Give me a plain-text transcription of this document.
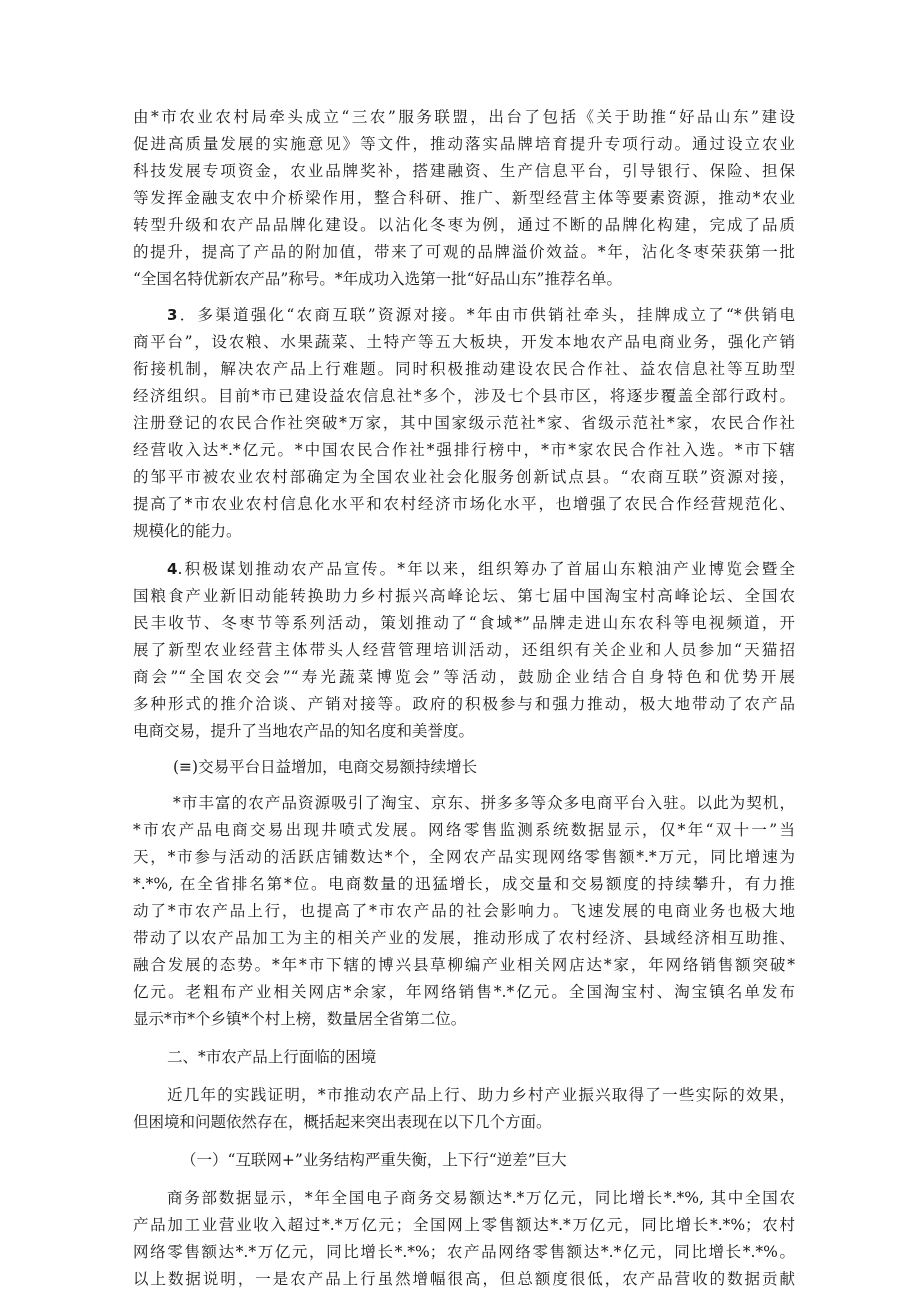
由*市农业农村局牵头成立“三农”服务联盟，出台了包括《关于助推“好品山东”建设
促进高质量发展的实施意见》等文件，推动落实品牌培育提升专项行动。通过设立农业
科技发展专项资金，农业品牌奖补，搭建融资、生产信息平台，引导银行、保险、担保
等发挥金融支农中介桥梁作用，整合科研、推广、新型经营主体等要素资源，推动*农业
转型升级和农产品品牌化建设。以沾化冬枣为例，通过不断的品牌化构建，完成了品质
的提升，提高了产品的附加值，带来了可观的品牌溢价效益。*年，沾化冬枣荣获第一批
“全国名特优新农产品”称号。*年成功入选第一批“好品山东”推荐名单。
3．多渠道强化“农商互联”资源对接。*年由市供销社牵头，挂牌成立了“*供销电
商平台”，设农粮、水果蔬菜、土特产等五大板块，开发本地农产品电商业务，强化产销
衔接机制，解决农产品上行难题。同时积极推动建设农民合作社、益农信息社等互助型
经济组织。目前*市已建设益农信息社*多个，涉及七个县市区，将逐步覆盖全部行政村。
注册登记的农民合作社突破*万家，其中国家级示范社*家、省级示范社*家，农民合作社
经营收入达*.*亿元。*中国农民合作社*强排行榜中，*市*家农民合作社入选。*市下辖
的邹平市被农业农村部确定为全国农业社会化服务创新试点县。“农商互联”资源对接，
提高了*市农业农村信息化水平和农村经济市场化水平，也增强了农民合作经营规范化、
规模化的能力。
4.积极谋划推动农产品宣传。*年以来，组织筹办了首届山东粮油产业博览会暨全
国粮食产业新旧动能转换助力乡村振兴高峰论坛、第七届中国淘宝村高峰论坛、全国农
民丰收节、冬枣节等系列活动，策划推动了“食域*”品牌走进山东农科等电视频道，开
展了新型农业经营主体带头人经营管理培训活动，还组织有关企业和人员参加“天猫招
商会”“全国农交会”“寿光蔬菜博览会”等活动，鼓励企业结合自身特色和优势开展
多种形式的推介洽谈、产销对接等。政府的积极参与和强力推动，极大地带动了农产品
电商交易，提升了当地农产品的知名度和美誉度。
(≡)交易平台日益增加，电商交易额持续增长
*市丰富的农产品资源吸引了淘宝、京东、拼多多等众多电商平台入驻。以此为契机，
*市农产品电商交易出现井喷式发展。网络零售监测系统数据显示，仅*年“双十一”当
天，*市参与活动的活跃店铺数达*个，全网农产品实现网络零售额*.*万元，同比增速为
*.*%, 在全省排名第*位。电商数量的迅猛增长，成交量和交易额度的持续攀升，有力推
动了*市农产品上行，也提高了*市农产品的社会影响力。飞速发展的电商业务也极大地
带动了以农产品加工为主的相关产业的发展，推动形成了农村经济、县域经济相互助推、
融合发展的态势。*年*市下辖的博兴县草柳编产业相关网店达*家，年网络销售额突破*
亿元。老粗布产业相关网店*余家，年网络销售*.*亿元。全国淘宝村、淘宝镇名单发布
显示*市*个乡镇*个村上榜，数量居全省第二位。
二、*市农产品上行面临的困境
近几年的实践证明，*市推动农产品上行、助力乡村产业振兴取得了一些实际的效果，
但困境和问题依然存在，概括起来突出表现在以下几个方面。
（一）“互联网+”业务结构严重失衡，上下行“逆差”巨大
商务部数据显示，*年全国电子商务交易额达*.*万亿元，同比增长*.*%, 其中全国农
产品加工业营业收入超过*.*万亿元；全国网上零售额达*.*万亿元，同比增长*.*%；农村
网络零售额达*.*万亿元，同比增长*.*%；农产品网络零售额达*.*亿元，同比增长*.*%。
以上数据说明，一是农产品上行虽然增幅很高，但总额度很低，农产品营收的数据贡献
